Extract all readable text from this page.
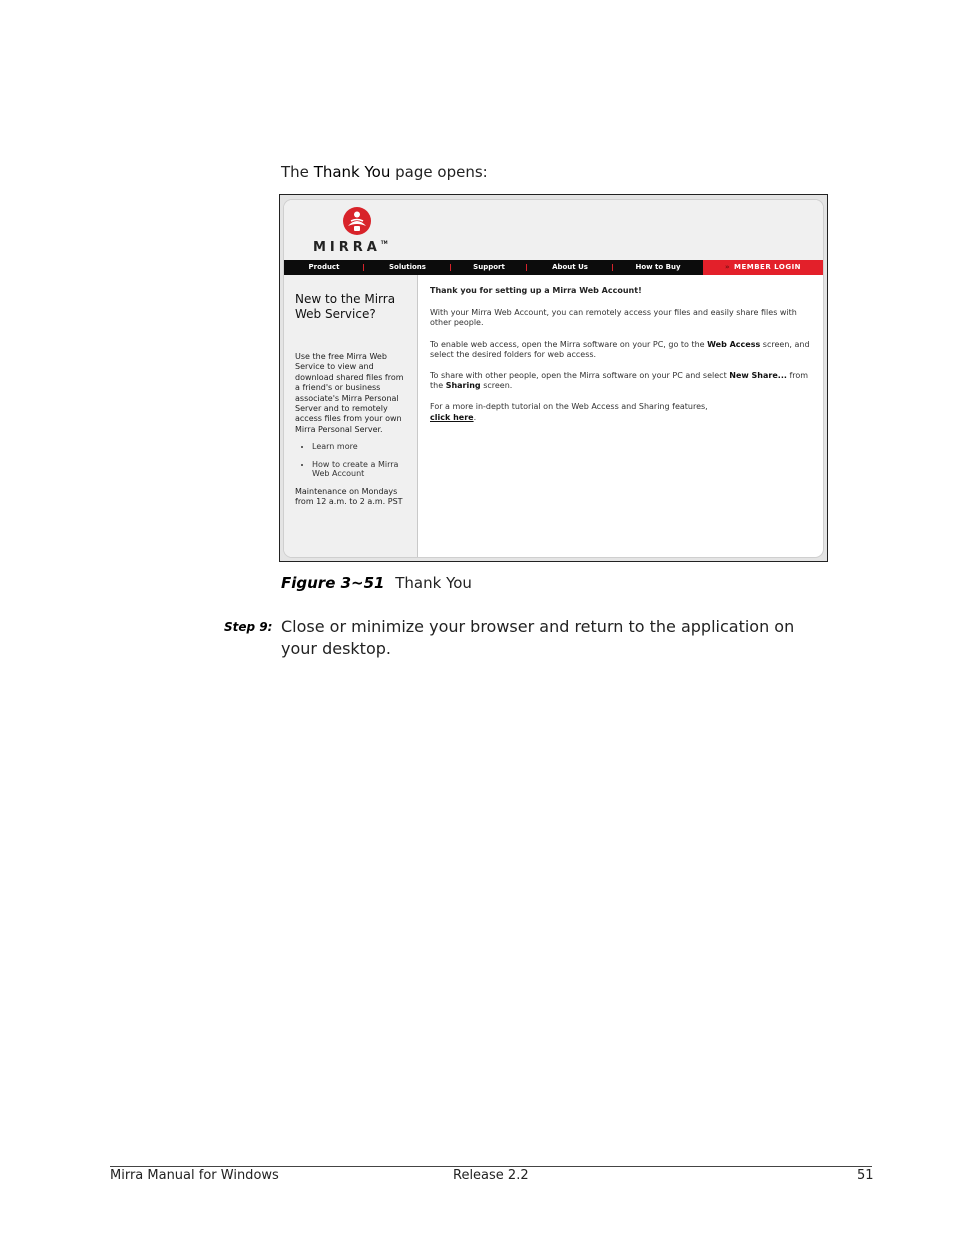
The Thank You page opens:
MIRRA™
Product	Solutions	Support	About Us	How to Buy	» MEMBER LOGIN
New to the Mirra Web Service?

Use the free Mirra Web Service to view and download shared files from a friend's or business associate's Mirra Personal Server and to remotely access files from your own Mirra Personal Server.

• Learn more
• How to create a Mirra Web Account

Maintenance on Mondays from 12 a.m. to 2 a.m. PST

Thank you for setting up a Mirra Web Account!

With your Mirra Web Account, you can remotely access your files and easily share files with other people.

To enable web access, open the Mirra software on your PC, go to the Web Access screen, and select the desired folders for web access.

To share with other people, open the Mirra software on your PC and select New Share... from the Sharing screen.

For a more in-depth tutorial on the Web Access and Sharing features,
click here.

Figure 3~51 Thank You
Step 9: Close or minimize your browser and return to the application on your desktop.
Mirra Manual for Windows	Release 2.2	51
